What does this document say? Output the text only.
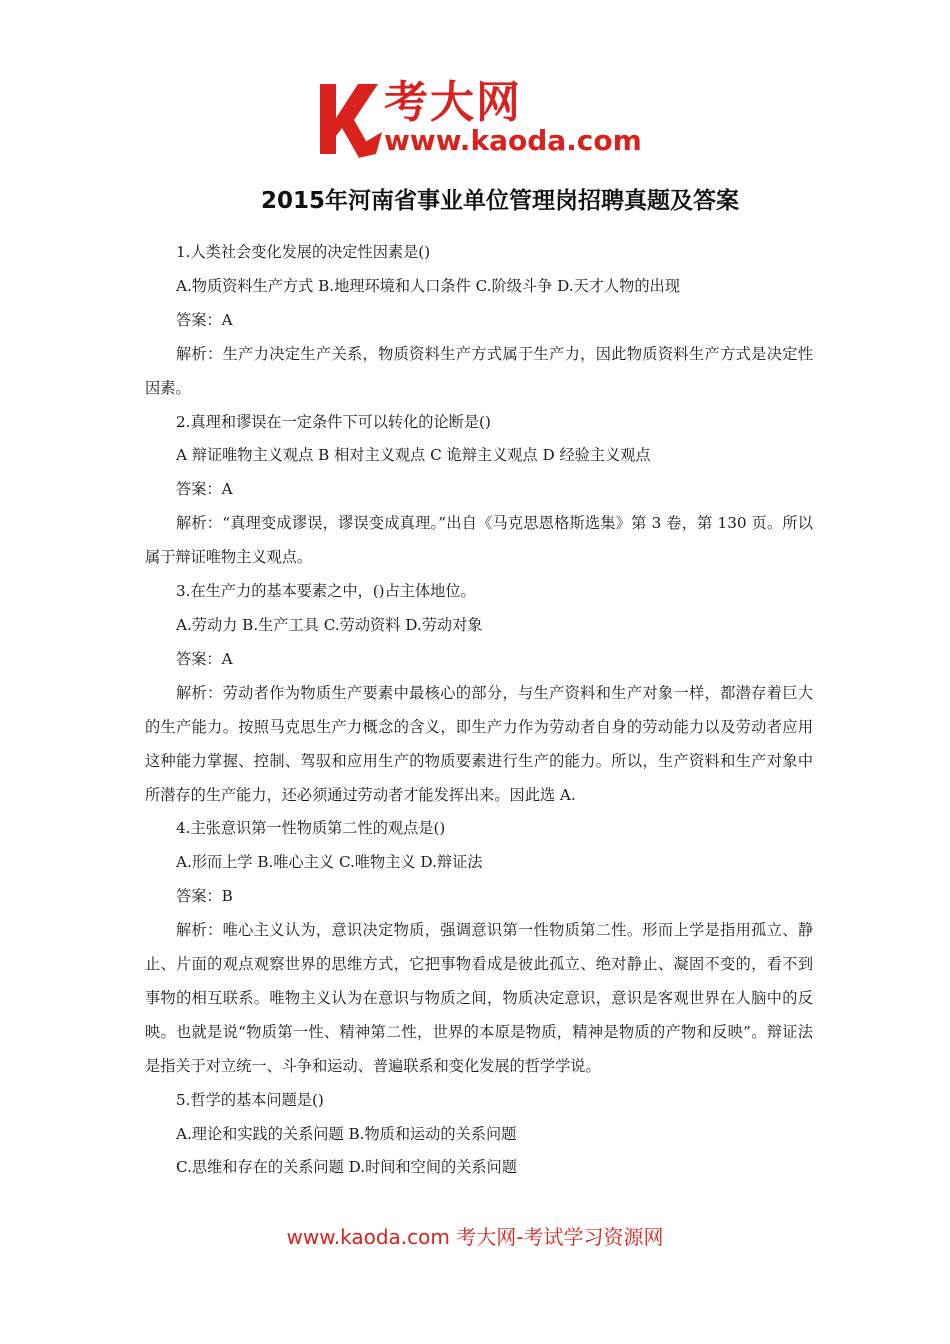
考大网
www.kaoda.com
2015年河南省事业单位管理岗招聘真题及答案

1.人类社会变化发展的决定性因素是()

A.物质资料生产方式 B.地理环境和人口条件 C.阶级斗争 D.天才人物的出现

答案：A

解析：生产力决定生产关系，物质资料生产方式属于生产力，因此物质资料生产方式是决定性因素。

2.真理和谬误在一定条件下可以转化的论断是()

A 辩证唯物主义观点 B 相对主义观点 C 诡辩主义观点 D 经验主义观点

答案：A

解析：“真理变成谬误，谬误变成真理。”出自《马克思恩格斯选集》第 3 卷，第 130 页。所以属于辩证唯物主义观点。

3.在生产力的基本要素之中，()占主体地位。

A.劳动力 B.生产工具 C.劳动资料 D.劳动对象

答案：A

解析：劳动者作为物质生产要素中最核心的部分，与生产资料和生产对象一样，都潜存着巨大的生产能力。按照马克思生产力概念的含义，即生产力作为劳动者自身的劳动能力以及劳动者应用这种能力掌握、控制、驾驭和应用生产的物质要素进行生产的能力。所以，生产资料和生产对象中所潜存的生产能力，还必须通过劳动者才能发挥出来。因此选 A.

4.主张意识第一性物质第二性的观点是()

A.形而上学 B.唯心主义 C.唯物主义 D.辩证法

答案：B

解析：唯心主义认为，意识决定物质，强调意识第一性物质第二性。形而上学是指用孤立、静止、片面的观点观察世界的思维方式，它把事物看成是彼此孤立、绝对静止、凝固不变的，看不到事物的相互联系。唯物主义认为在意识与物质之间，物质决定意识，意识是客观世界在人脑中的反映。也就是说“物质第一性、精神第二性，世界的本原是物质，精神是物质的产物和反映”。辩证法是指关于对立统一、斗争和运动、普遍联系和变化发展的哲学学说。

5.哲学的基本问题是()

A.理论和实践的关系问题 B.物质和运动的关系问题

C.思维和存在的关系问题 D.时间和空间的关系问题

www.kaoda.com 考大网-考试学习资源网
